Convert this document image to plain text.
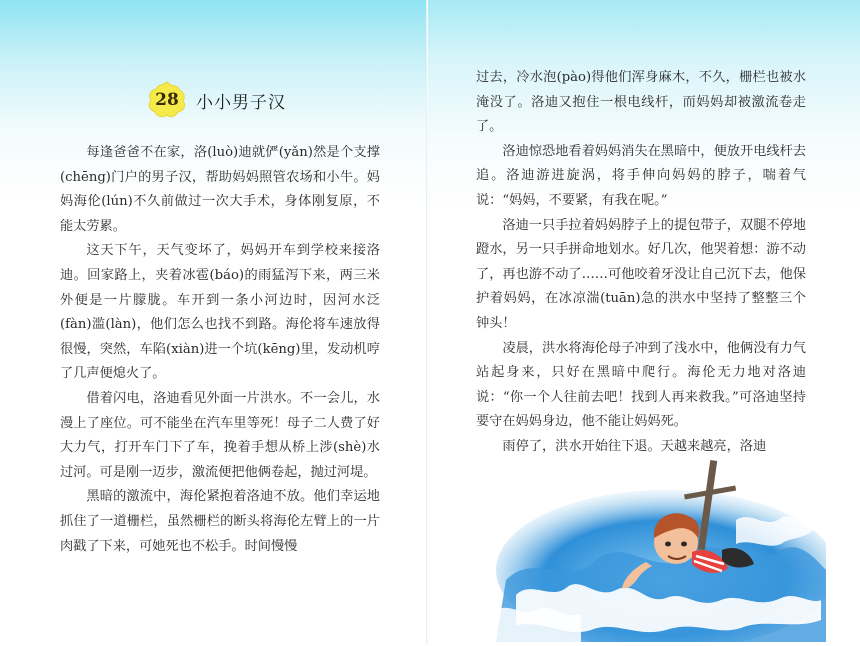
28	小小男子汉

每逢爸爸不在家，洛(luò)迪就俨(yǎn)然是个支撑(chēng)门户的男子汉，帮助妈妈照管农场和小牛。妈妈海伦(lún)不久前做过一次大手术，身体刚复原，不能太劳累。

这天下午，天气变坏了，妈妈开车到学校来接洛迪。回家路上，夹着冰雹(báo)的雨猛泻下来，两三米外便是一片朦胧。车开到一条小河边时，因河水泛(fàn)滥(làn)，他们怎么也找不到路。海伦将车速放得很慢，突然，车陷(xiàn)进一个坑(kēng)里，发动机哼了几声便熄火了。

借着闪电，洛迪看见外面一片洪水。不一会儿，水漫上了座位。可不能坐在汽车里等死！母子二人费了好大力气，打开车门下了车，挽着手想从桥上涉(shè)水过河。可是刚一迈步，激流便把他俩卷起，抛过河堤。

黑暗的激流中，海伦紧抱着洛迪不放。他们幸运地抓住了一道栅栏，虽然栅栏的断头将海伦左臂上的一片肉戳了下来，可她死也不松手。时间慢慢

过去，冷水泡(pào)得他们浑身麻木，不久，栅栏也被水淹没了。洛迪又抱住一根电线杆，而妈妈却被激流卷走了。

洛迪惊恐地看着妈妈消失在黑暗中，便放开电线杆去追。洛迪游进旋涡，将手伸向妈妈的脖子，喘着气说：“妈妈，不要紧，有我在呢。”

洛迪一只手拉着妈妈脖子上的提包带子，双腿不停地蹬水，另一只手拼命地划水。好几次，他哭着想：游不动了，再也游不动了……可他咬着牙没让自己沉下去，他保护着妈妈，在冰凉湍(tuān)急的洪水中坚持了整整三个钟头！

凌晨，洪水将海伦母子冲到了浅水中，他俩没有力气站起身来，只好在黑暗中爬行。海伦无力地对洛迪说：“你一个人往前去吧！找到人再来救我。”可洛迪坚持要守在妈妈身边，他不能让妈妈死。

雨停了，洪水开始往下退。天越来越亮，洛迪
